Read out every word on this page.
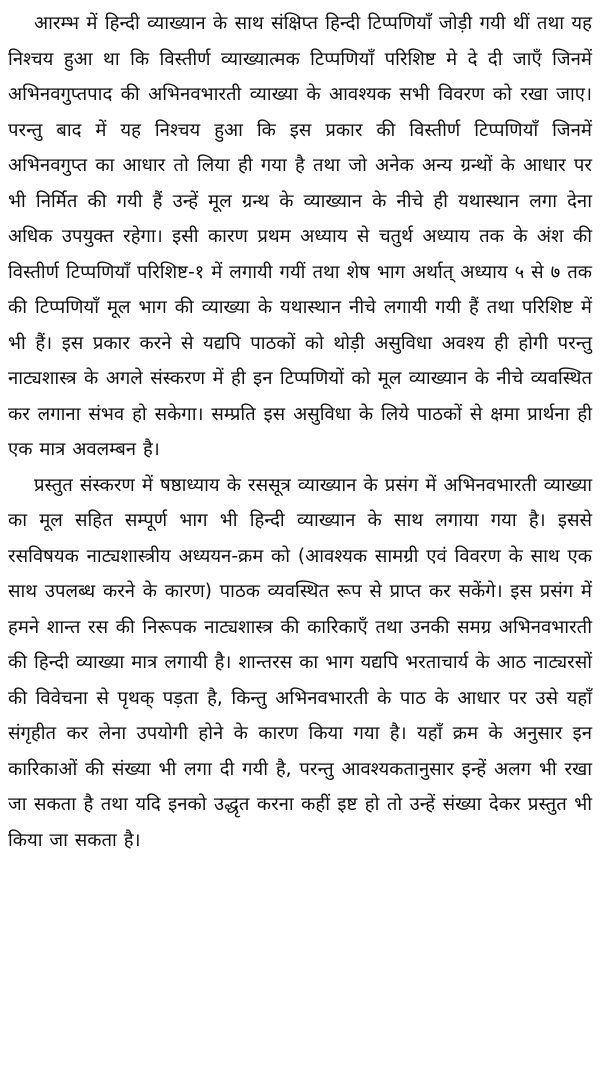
आरम्भ में हिन्दी व्याख्यान के साथ संक्षिप्त हिन्दी टिप्पणियाँ जोड़ी गयी थीं तथा यह निश्चय हुआ था कि विस्तीर्ण व्याख्यात्मक टिप्पणियाँ परिशिष्ट मे दे दी जाएँ जिनमें अभिनवगुप्तपाद की अभिनवभारती व्याख्या के आवश्यक सभी विवरण को रखा जाए। परन्तु बाद में यह निश्चय हुआ कि इस प्रकार की विस्तीर्ण टिप्पणियाँ जिनमें अभिनवगुप्त का आधार तो लिया ही गया है तथा जो अनेक अन्य ग्रन्थों के आधार पर भी निर्मित की गयी हैं उन्हें मूल ग्रन्थ के व्याख्यान के नीचे ही यथास्थान लगा देना अधिक उपयुक्त रहेगा। इसी कारण प्रथम अध्याय से चतुर्थ अध्याय तक के अंश की विस्तीर्ण टिप्पणियाँ परिशिष्ट-१ में लगायी गयीं तथा शेष भाग अर्थात् अध्याय ५ से ७ तक की टिप्पणियाँ मूल भाग की व्याख्या के यथास्थान नीचे लगायी गयी हैं तथा परिशिष्ट में भी हैं। इस प्रकार करने से यद्यपि पाठकों को थोड़ी असुविधा अवश्य ही होगी परन्तु नाट्यशास्त्र के अगले संस्करण में ही इन टिप्पणियों को मूल व्याख्यान के नीचे व्यवस्थित कर लगाना संभव हो सकेगा। सम्प्रति इस असुविधा के लिये पाठकों से क्षमा प्रार्थना ही एक मात्र अवलम्बन है।

प्रस्तुत संस्करण में षष्ठाध्याय के रससूत्र व्याख्यान के प्रसंग में अभिनवभारती व्याख्या का मूल सहित सम्पूर्ण भाग भी हिन्दी व्याख्यान के साथ लगाया गया है। इससे रसविषयक नाट्यशास्त्रीय अध्ययन-क्रम को (आवश्यक सामग्री एवं विवरण के साथ एक साथ उपलब्ध करने के कारण) पाठक व्यवस्थित रूप से प्राप्त कर सकेंगे। इस प्रसंग में हमने शान्त रस की निरूपक नाट्यशास्त्र की कारिकाएँ तथा उनकी समग्र अभिनवभारती की हिन्दी व्याख्या मात्र लगायी है। शान्तरस का भाग यद्यपि भरताचार्य के आठ नाट्यरसों की विवेचना से पृथक् पड़ता है, किन्तु अभिनवभारती के पाठ के आधार पर उसे यहाँ संगृहीत कर लेना उपयोगी होने के कारण किया गया है। यहाँ क्रम के अनुसार इन कारिकाओं की संख्या भी लगा दी गयी है, परन्तु आवश्यकतानुसार इन्हें अलग भी रखा जा सकता है तथा यदि इनको उद्धृत करना कहीं इष्ट हो तो उन्हें संख्या देकर प्रस्तुत भी किया जा सकता है।
